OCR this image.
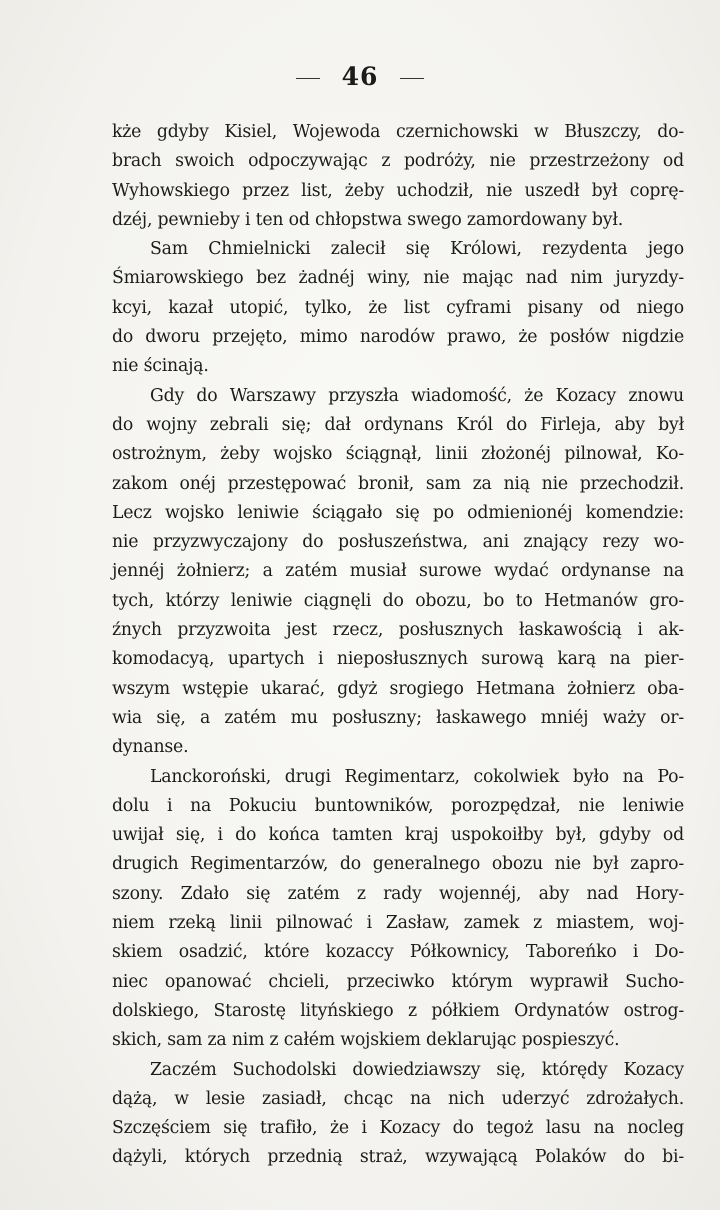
46
kże gdyby Kisiel, Wojewoda czernichowski w Błuszczy, do-
brach swoich odpoczywając z podróży, nie przestrzeżony od
Wyhowskiego przez list, żeby uchodził, nie uszedł był coprę-
dzéj, pewnieby i ten od chłopstwa swego zamordowany był.
Sam Chmielnicki zalecił się Królowi, rezydenta jego
Śmiarowskiego bez żadnéj winy, nie mając nad nim juryzdy-
kcyi, kazał utopić, tylko, że list cyframi pisany od niego
do dworu przejęto, mimo narodów prawo, że posłów nigdzie
nie ścinają.
Gdy do Warszawy przyszła wiadomość, że Kozacy znowu
do wojny zebrali się; dał ordynans Król do Firleja, aby był
ostrożnym, żeby wojsko ściągnął, linii złożonéj pilnował, Ko-
zakom onéj przestępować bronił, sam za nią nie przechodził.
Lecz wojsko leniwie ściągało się po odmienionéj komendzie:
nie przyzwyczajony do posłuszeństwa, ani znający rezy wo-
jennéj żołnierz; a zatém musiał surowe wydać ordynanse na
tych, którzy leniwie ciągnęli do obozu, bo to Hetmanów gro-
źnych przyzwoita jest rzecz, posłusznych łaskawością i ak-
komodacyą, upartych i nieposłusznych surową karą na pier-
wszym wstępie ukarać, gdyż srogiego Hetmana żołnierz oba-
wia się, a zatém mu posłuszny; łaskawego mniéj waży or-
dynanse.
Lanckoroński, drugi Regimentarz, cokolwiek było na Po-
dolu i na Pokuciu buntowników, porozpędzał, nie leniwie
uwijał się, i do końca tamten kraj uspokoiłby był, gdyby od
drugich Regimentarzów, do generalnego obozu nie był zapro-
szony. Zdało się zatém z rady wojennéj, aby nad Hory-
niem rzeką linii pilnować i Zasław, zamek z miastem, woj-
skiem osadzić, które kozaccy Półkownicy, Taboreńko i Do-
niec opanować chcieli, przeciwko którym wyprawił Sucho-
dolskiego, Starostę lityńskiego z półkiem Ordynatów ostrog-
skich, sam za nim z całém wojskiem deklarując pospieszyć.
Zaczém Suchodolski dowiedziawszy się, którędy Kozacy
dążą, w lesie zasiadł, chcąc na nich uderzyć zdrożałych.
Szczęściem się trafiło, że i Kozacy do tegoż lasu na nocleg
dążyli, których przednią straż, wzywającą Polaków do bi-
